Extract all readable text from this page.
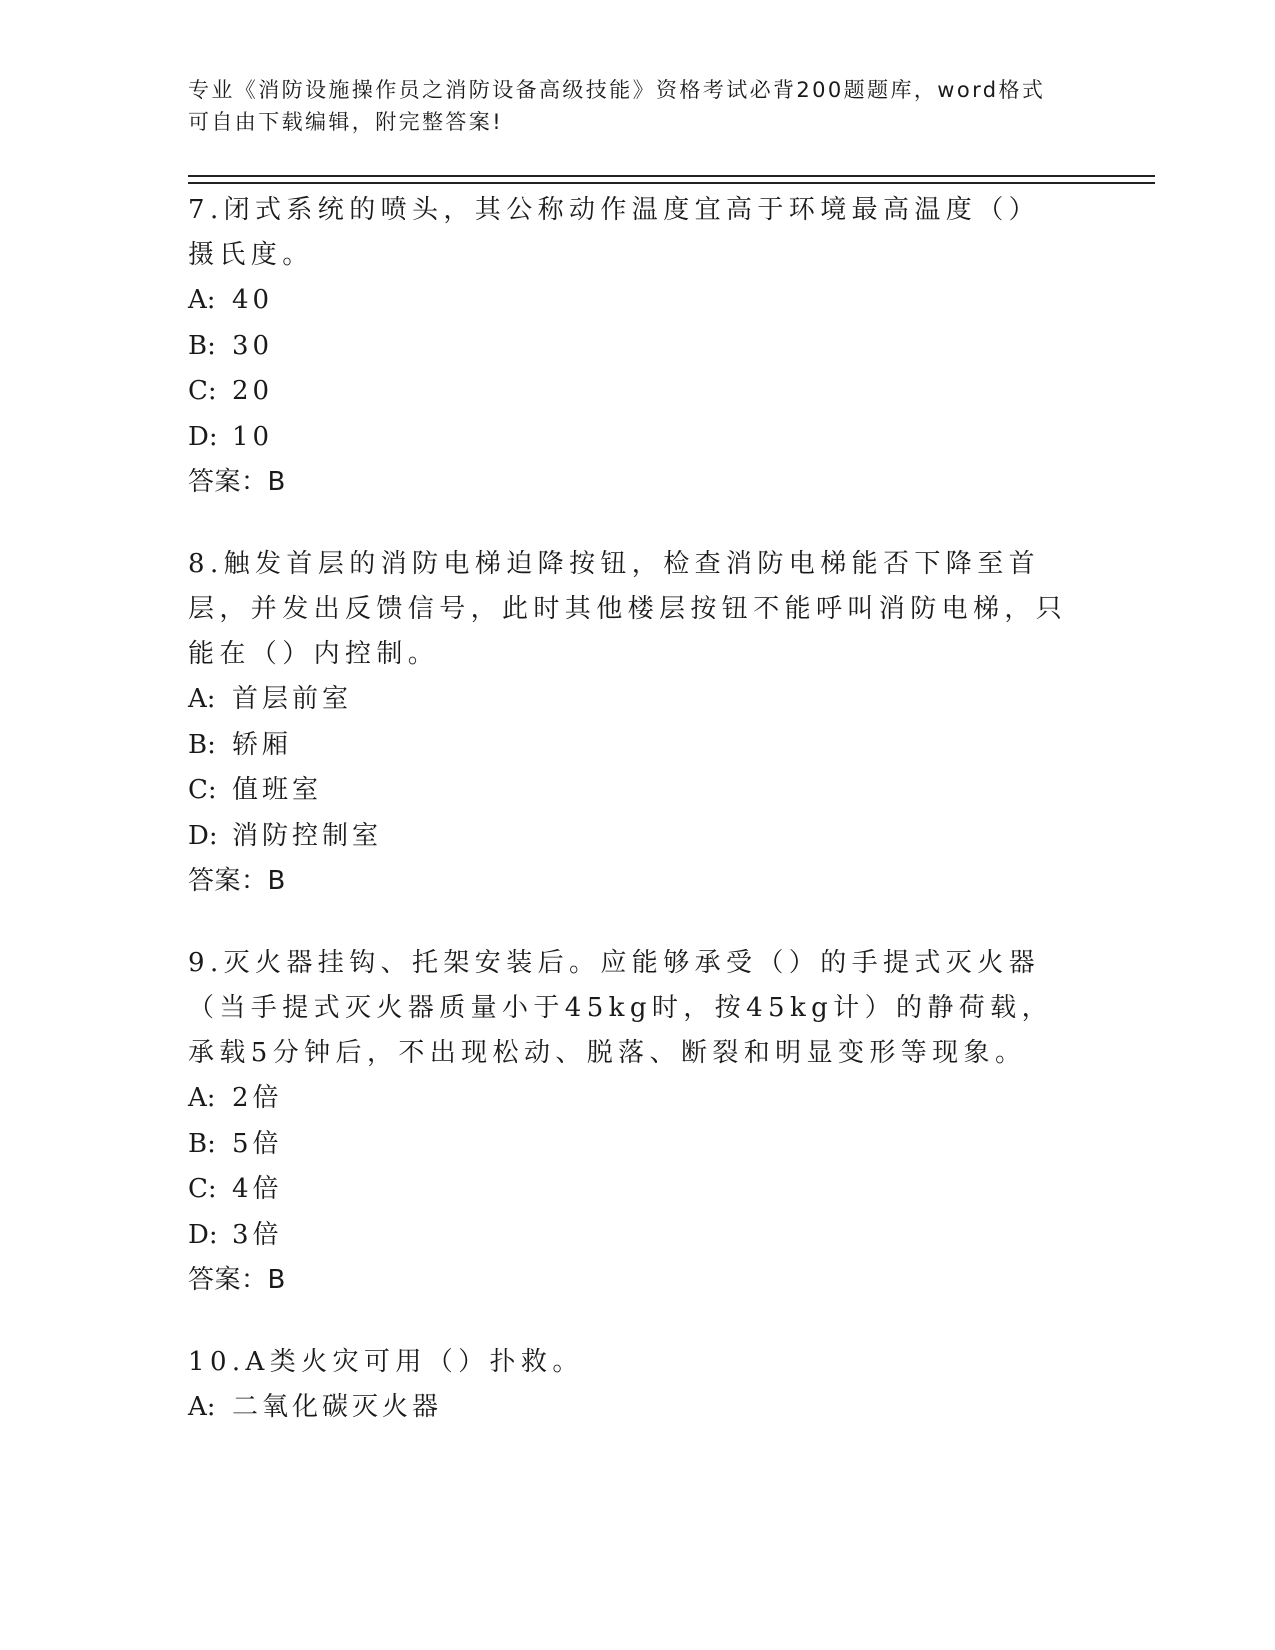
专业《消防设施操作员之消防设备高级技能》资格考试必背200题题库，word格式可自由下载编辑，附完整答案!

7.闭式系统的喷头，其公称动作温度宜高于环境最高温度（）摄氏度。

A: 40

B: 30

C: 20

D: 10

答案：B

8.触发首层的消防电梯迫降按钮，检查消防电梯能否下降至首层，并发出反馈信号，此时其他楼层按钮不能呼叫消防电梯，只能在（）内控制。

A: 首层前室

B: 轿厢

C: 值班室

D: 消防控制室

答案：B

9.灭火器挂钩、托架安装后。应能够承受（）的手提式灭火器（当手提式灭火器质量小于45kg时，按45kg计）的静荷载，承载5分钟后，不出现松动、脱落、断裂和明显变形等现象。

A: 2倍

B: 5倍

C: 4倍

D: 3倍

答案：B

10.A类火灾可用（）扑救。

A: 二氧化碳灭火器
